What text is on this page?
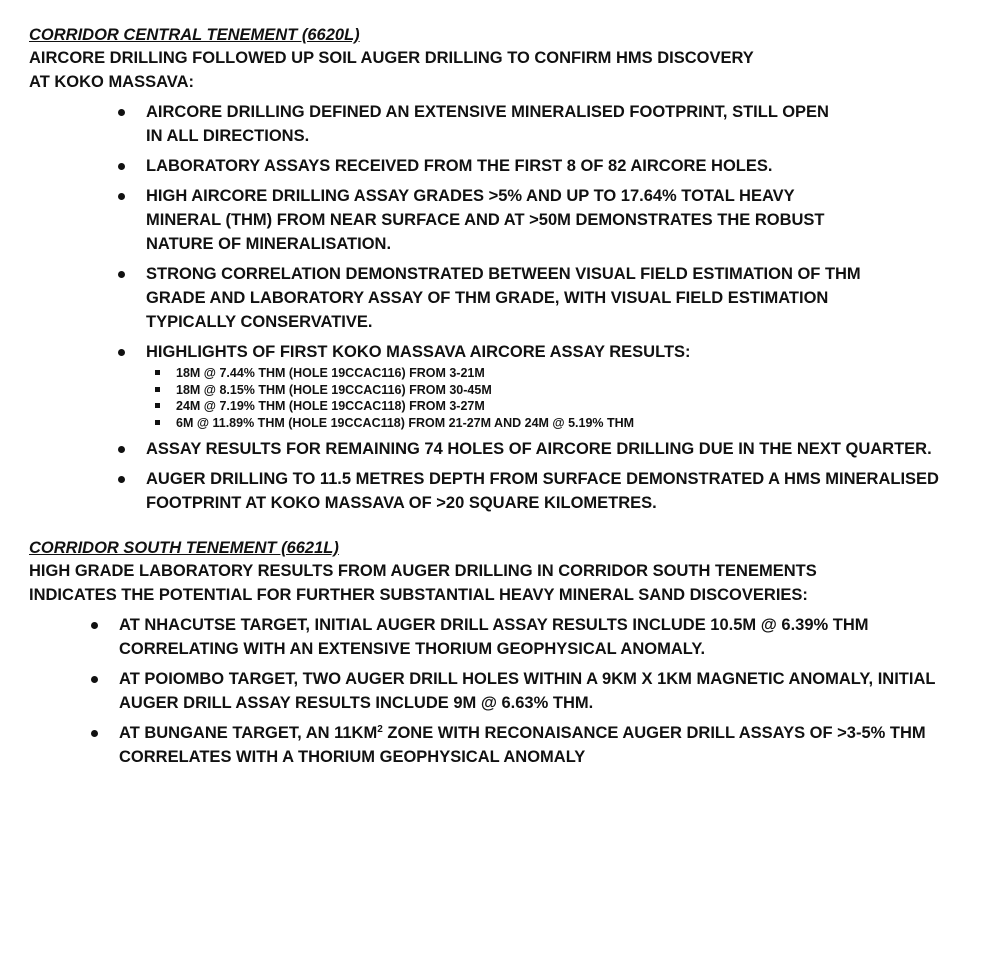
CORRIDOR CENTRAL TENEMENT (6620L)

AIRCORE DRILLING FOLLOWED UP SOIL AUGER DRILLING TO CONFIRM HMS DISCOVERY

AT KOKO MASSAVA:

AIRCORE DRILLING DEFINED AN EXTENSIVE MINERALISED FOOTPRINT, STILL OPEN IN ALL DIRECTIONS.
LABORATORY ASSAYS RECEIVED FROM THE FIRST 8 OF 82 AIRCORE HOLES.
HIGH AIRCORE DRILLING ASSAY GRADES >5% AND UP TO 17.64% TOTAL HEAVY MINERAL (THM) FROM NEAR SURFACE AND AT >50M DEMONSTRATES THE ROBUST NATURE OF MINERALISATION.
STRONG CORRELATION DEMONSTRATED BETWEEN VISUAL FIELD ESTIMATION OF THM GRADE AND LABORATORY ASSAY OF THM GRADE, WITH VISUAL FIELD ESTIMATION TYPICALLY CONSERVATIVE.
HIGHLIGHTS OF FIRST KOKO MASSAVA AIRCORE ASSAY RESULTS:
18M @ 7.44% THM (HOLE 19CCAC116) FROM 3-21M
18M @ 8.15% THM (HOLE 19CCAC116) FROM 30-45M
24M @ 7.19% THM (HOLE 19CCAC118) FROM 3-27M
6M @ 11.89% THM (HOLE 19CCAC118) FROM 21-27M AND 24M @ 5.19% THM
ASSAY RESULTS FOR REMAINING 74 HOLES OF AIRCORE DRILLING DUE IN THE NEXT QUARTER.
AUGER DRILLING TO 11.5 METRES DEPTH FROM SURFACE DEMONSTRATED A HMS MINERALISED FOOTPRINT AT KOKO MASSAVA OF >20 SQUARE KILOMETRES.

CORRIDOR SOUTH TENEMENT (6621L)

HIGH GRADE LABORATORY RESULTS FROM AUGER DRILLING IN CORRIDOR SOUTH TENEMENTS

INDICATES THE POTENTIAL FOR FURTHER SUBSTANTIAL HEAVY MINERAL SAND DISCOVERIES:

AT NHACUTSE TARGET, INITIAL AUGER DRILL ASSAY RESULTS INCLUDE 10.5M @ 6.39% THM CORRELATING WITH AN EXTENSIVE THORIUM GEOPHYSICAL ANOMALY.
AT POIOMBO TARGET, TWO AUGER DRILL HOLES WITHIN A 9KM X 1KM MAGNETIC ANOMALY, INITIAL AUGER DRILL ASSAY RESULTS INCLUDE 9M @ 6.63% THM.
AT BUNGANE TARGET, AN $11KM^2$ ZONE WITH RECONAISANCE AUGER DRILL ASSAYS OF >3-5% THM CORRELATES WITH A THORIUM GEOPHYSICAL ANOMALY
